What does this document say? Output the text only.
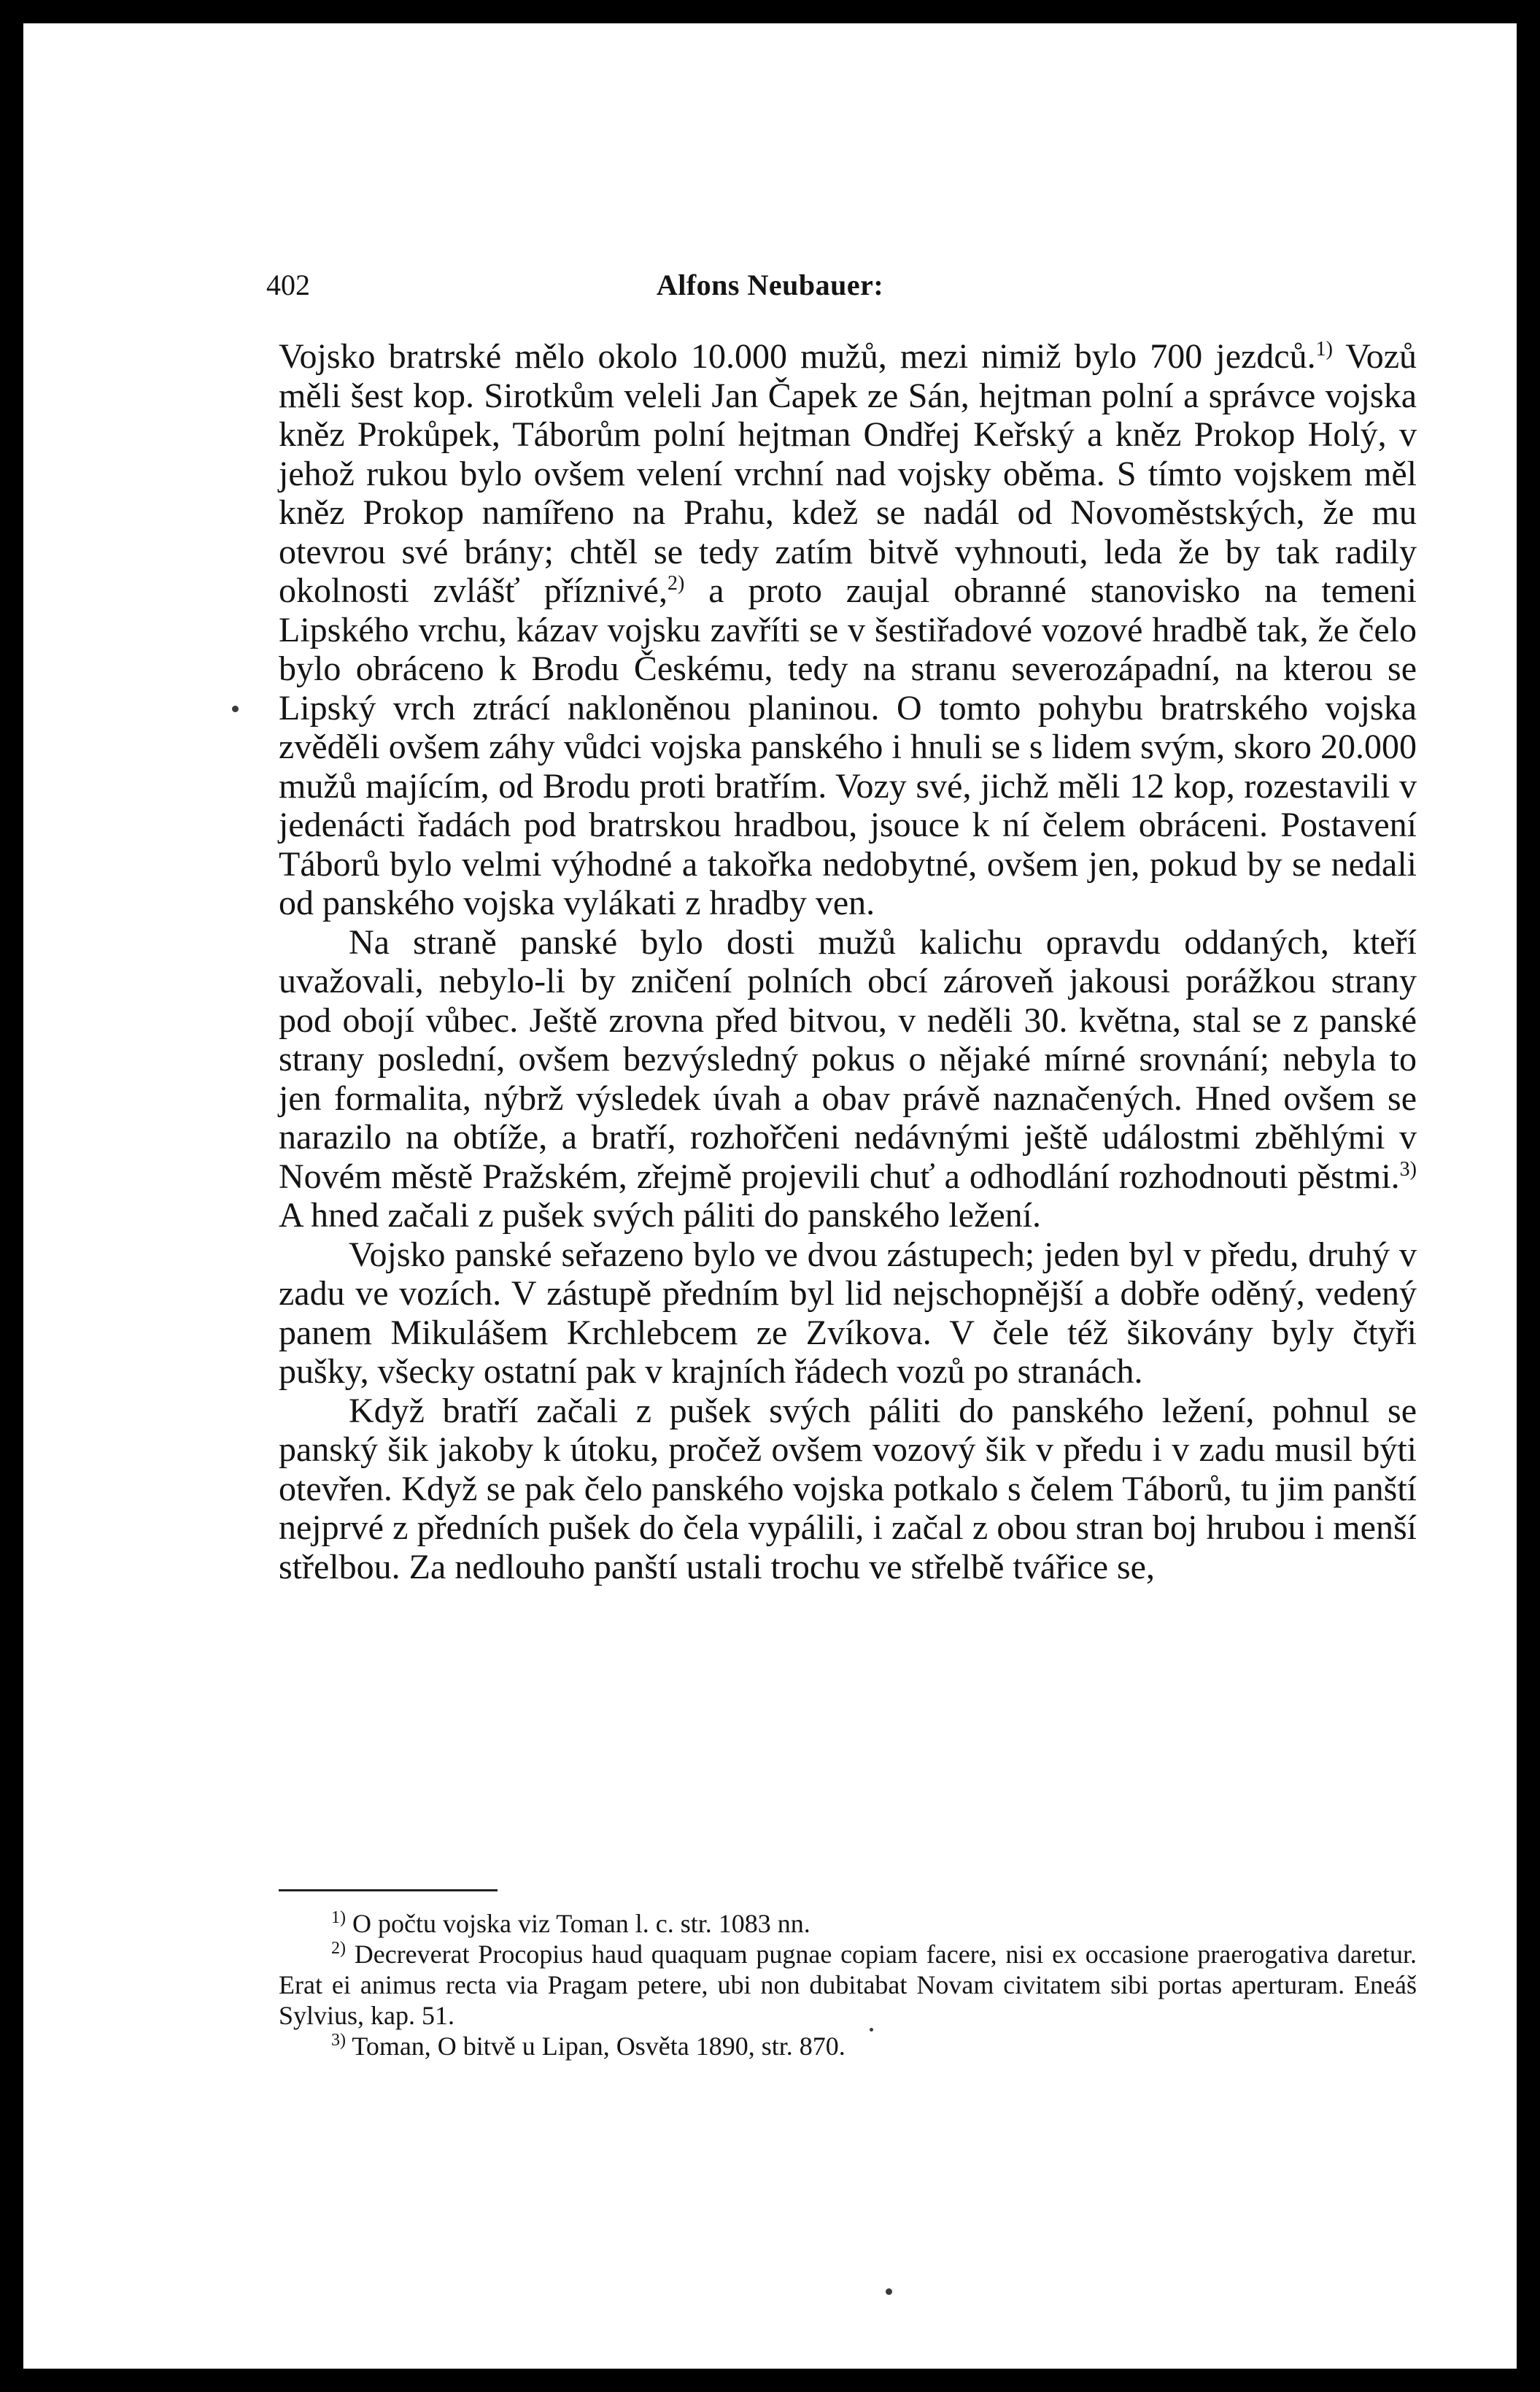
402	Alfons Neubauer:

Vojsko bratrské mělo okolo 10.000 mužů, mezi nimiž bylo 700 jezdců.$^{1)}$ Vozů měli šest kop. Sirotkům veleli Jan Čapek ze Sán, hejtman polní a správce vojska kněz Prokůpek, Táborům polní hejtman Ondřej Keřský a kněz Prokop Holý, v jehož rukou bylo ovšem velení vrchní nad vojsky oběma. S tímto vojskem měl kněz Prokop namířeno na Prahu, kdež se nadál od Novoměstských, že mu otevrou své brány; chtěl se tedy zatím bitvě vyhnouti, leda že by tak radily okolnosti zvlášť příznivé,$^{2)}$ a proto zaujal obranné stanovisko na temeni Lipského vrchu, kázav vojsku zavříti se v šestiřadové vozové hradbě tak, že čelo bylo obráceno k Brodu Českému, tedy na stranu severozápadní, na kterou se Lipský vrch ztrácí nakloněnou planinou. O tomto pohybu bratrského vojska zvěděli ovšem záhy vůdci vojska panského i hnuli se s lidem svým, skoro 20.000 mužů majícím, od Brodu proti bratřím. Vozy své, jichž měli 12 kop, rozestavili v jedenácti řadách pod bratrskou hradbou, jsouce k ní čelem obráceni. Postavení Táborů bylo velmi výhodné a takořka nedobytné, ovšem jen, pokud by se nedali od panského vojska vylákati z hradby ven.

Na straně panské bylo dosti mužů kalichu opravdu oddaných, kteří uvažovali, nebylo-li by zničení polních obcí zároveň jakousi porážkou strany pod obojí vůbec. Ještě zrovna před bitvou, v neděli 30. května, stal se z panské strany poslední, ovšem bezvýsledný pokus o nějaké mírné srovnání; nebyla to jen formalita, nýbrž výsledek úvah a obav právě naznačených. Hned ovšem se narazilo na obtíže, a bratří, rozhořčeni nedávnými ještě událostmi zběhlými v Novém městě Pražském, zřejmě projevili chuť a odhodlání rozhodnouti pěstmi.$^{3)}$ A hned začali z pušek svých páliti do panského ležení.

Vojsko panské seřazeno bylo ve dvou zástupech; jeden byl v předu, druhý v zadu ve vozích. V zástupě předním byl lid nejschopnější a dobře oděný, vedený panem Mikulášem Krchlebcem ze Zvíkova. V čele též šikovány byly čtyři pušky, všecky ostatní pak v krajních řádech vozů po stranách.

Když bratří začali z pušek svých páliti do panského ležení, pohnul se panský šik jakoby k útoku, pročež ovšem vozový šik v předu i v zadu musil býti otevřen. Když se pak čelo panského vojska potkalo s čelem Táborů, tu jim panští nejprvé z předních pušek do čela vypálili, i začal z obou stran boj hrubou i menší střelbou. Za nedlouho panští ustali trochu ve střelbě tvářice se,

$^{1)}$ O počtu vojska viz Toman l. c. str. 1083 nn.

$^{2)}$ Decreverat Procopius haud quaquam pugnae copiam facere, nisi ex occasione praerogativa daretur. Erat ei animus recta via Pragam petere, ubi non dubitabat Novam civitatem sibi portas aperturam. Eneáš Sylvius, kap. 51.

$^{3)}$ Toman, O bitvě u Lipan, Osvěta 1890, str. 870.
